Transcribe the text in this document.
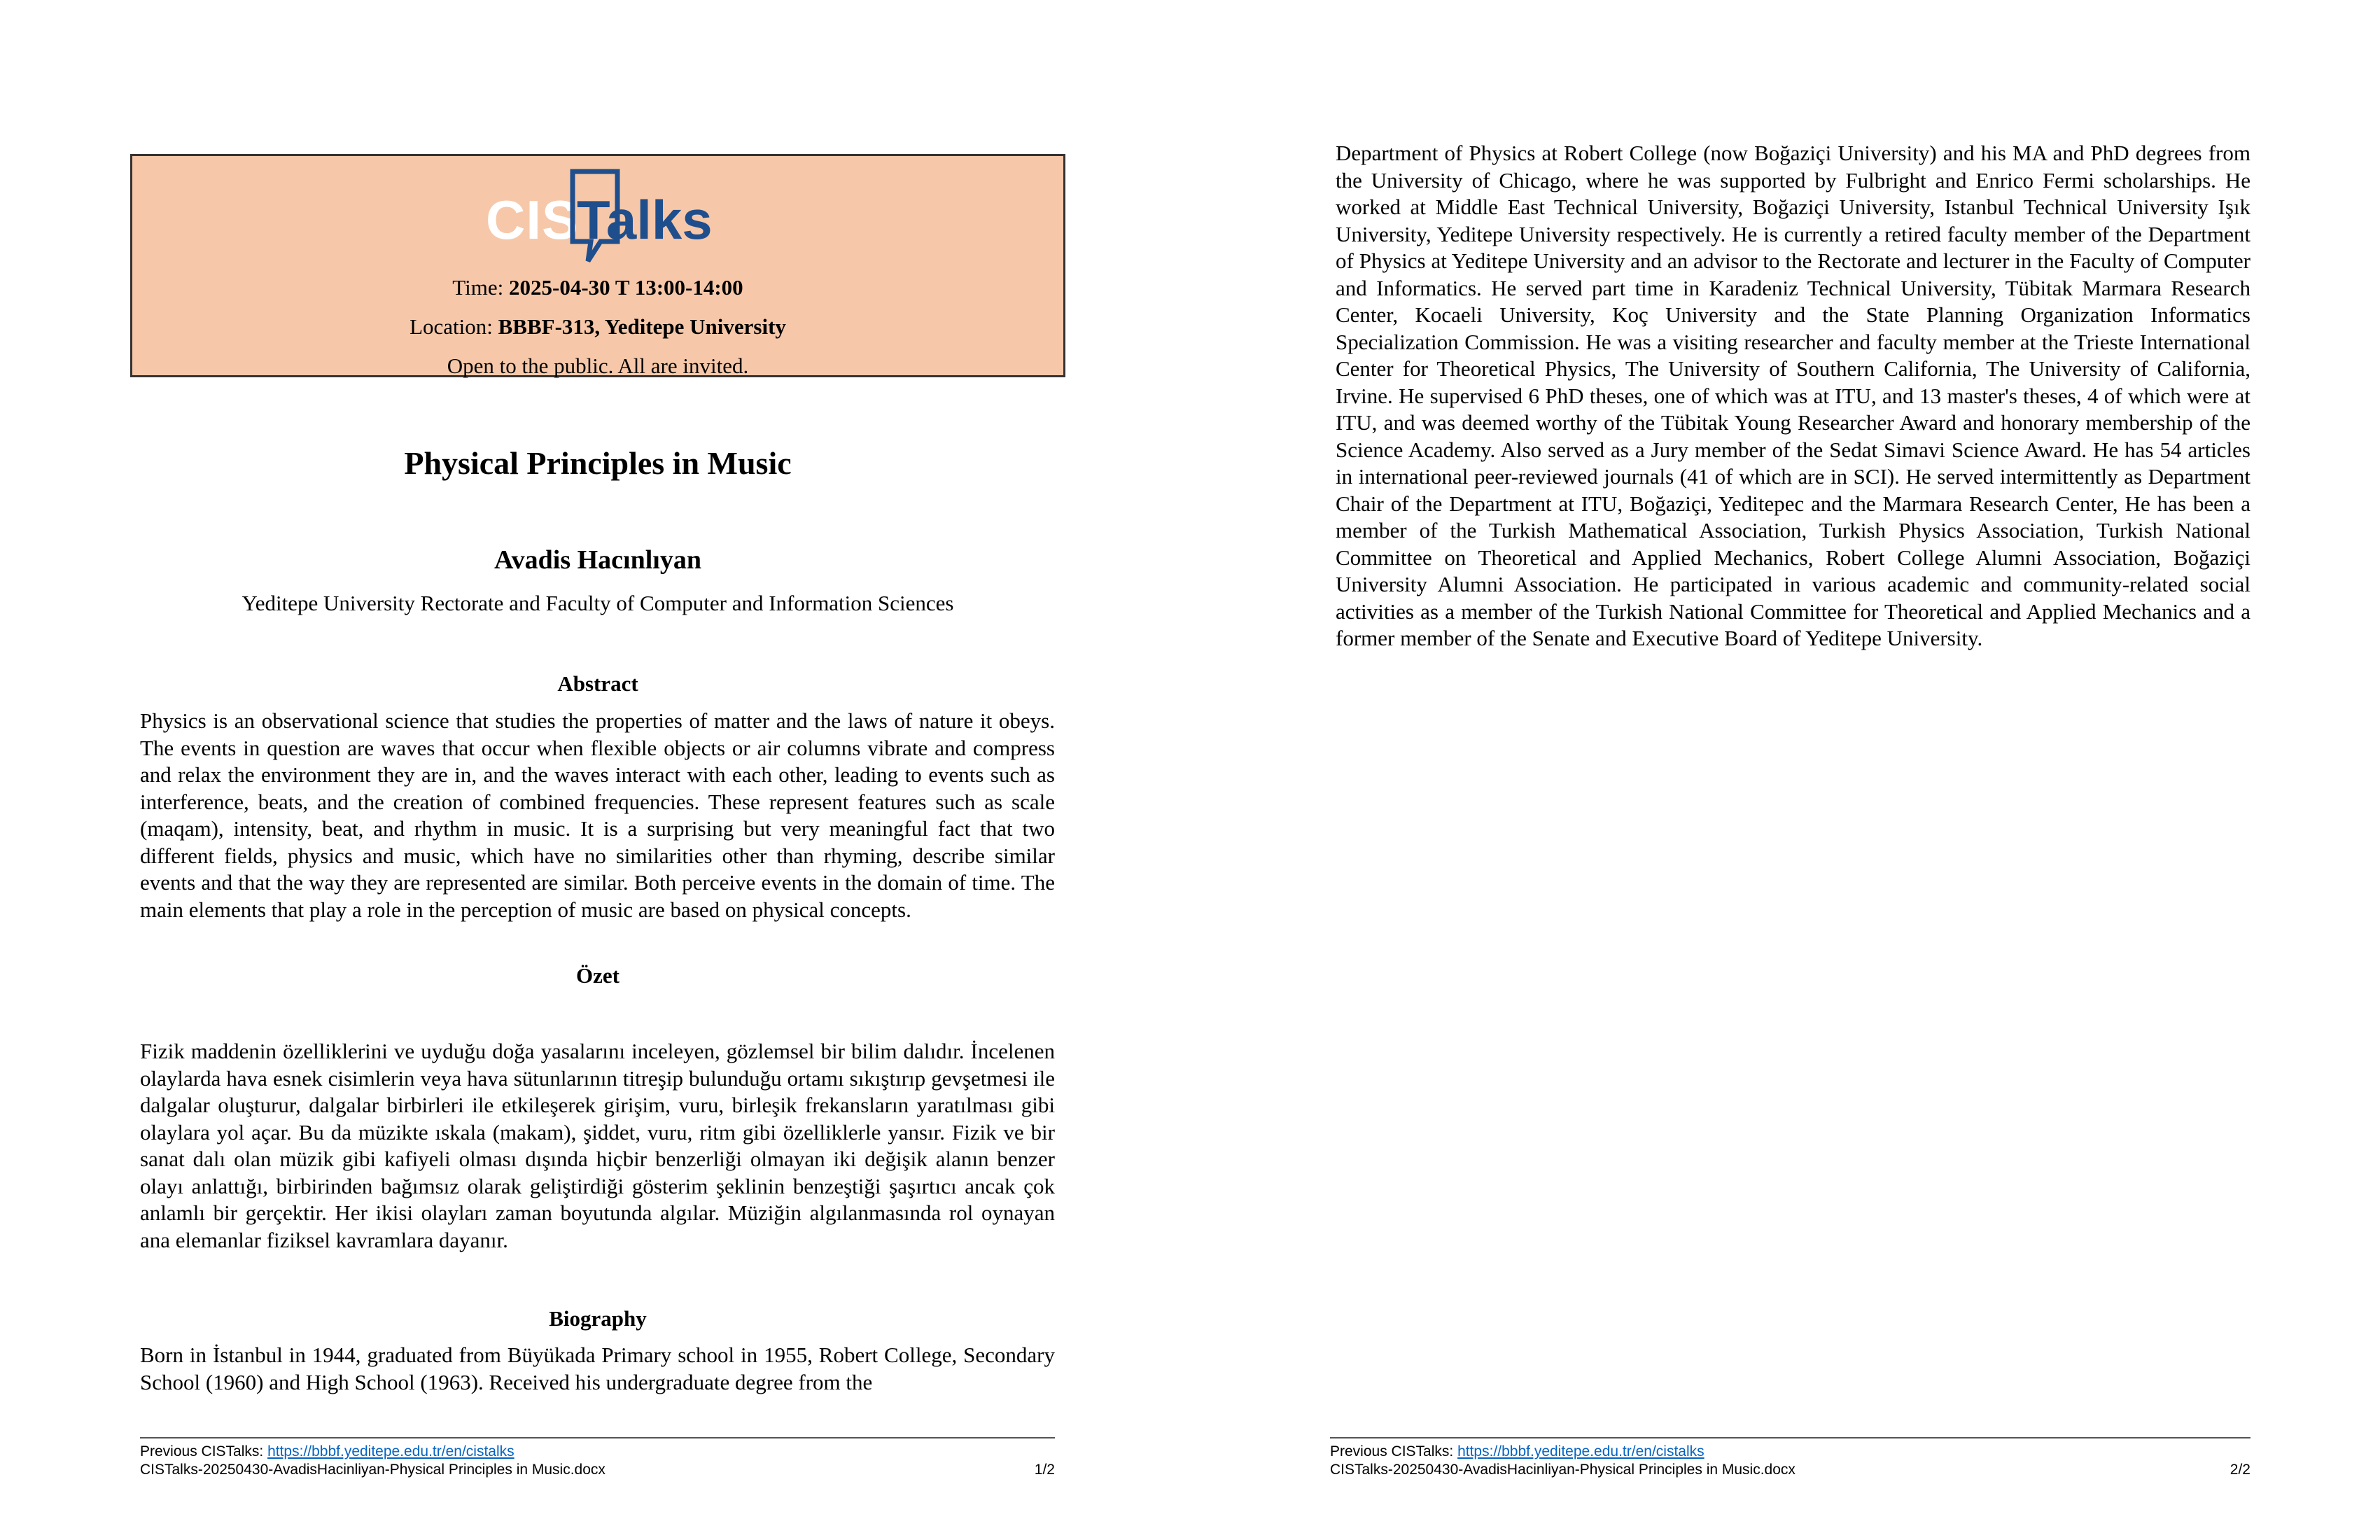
CIS
Talks
Time: 2025-04-30 T 13:00-14:00
Location: BBBF-313, Yeditepe University
Open to the public. All are invited.
Physical Principles in Music
Avadis Hacınlıyan
Yeditepe University Rectorate and Faculty of Computer and Information Sciences
Abstract

Physics is an observational science that studies the properties of matter and the laws of nature it obeys. The events in question are waves that occur when flexible objects or air columns vibrate and compress and relax the environment they are in, and the waves interact with each other, leading to events such as interference, beats, and the creation of combined frequencies. These represent features such as scale (maqam), intensity, beat, and rhythm in music. It is a surprising but very meaningful fact that two different fields, physics and music, which have no similarities other than rhyming, describe similar events and that the way they are represented are similar. Both perceive events in the domain of time. The main elements that play a role in the perception of music are based on physical concepts.

Özet

Fizik maddenin özelliklerini ve uyduğu doğa yasalarını inceleyen, gözlemsel bir bilim dalıdır. İncelenen olaylarda hava esnek cisimlerin veya hava sütunlarının titreşip bulunduğu ortamı sıkıştırıp gevşetmesi ile dalgalar oluşturur, dalgalar birbirleri ile etkileşerek girişim, vuru, birleşik frekansların yaratılması gibi olaylara yol açar. Bu da müzikte ıskala (makam), şiddet, vuru, ritm gibi özelliklerle yansır. Fizik ve bir sanat dalı olan müzik gibi kafiyeli olması dışında hiçbir benzerliği olmayan iki değişik alanın benzer olayı anlattığı, birbirinden bağımsız olarak geliştirdiği gösterim şeklinin benzeştiği şaşırtıcı ancak çok anlamlı bir gerçektir. Her ikisi olayları zaman boyutunda algılar. Müziğin algılanmasında rol oynayan ana elemanlar fiziksel kavramlara dayanır.

Biography

Born in İstanbul in 1944, graduated from Büyükada Primary school in 1955, Robert College, Secondary School (1960) and High School (1963). Received his undergraduate degree from the

Previous CISTalks: https://bbbf.yeditepe.edu.tr/en/cistalks
CISTalks-20250430-AvadisHacinliyan-Physical Principles in Music.docx	1/2

Department of Physics at Robert College (now Boğaziçi University) and his MA and PhD degrees from the University of Chicago, where he was supported by Fulbright and Enrico Fermi scholarships. He worked at Middle East Technical University, Boğaziçi University, Istanbul Technical University Işık University, Yeditepe University respectively. He is currently a retired faculty member of the Department of Physics at Yeditepe University and an advisor to the Rectorate and lecturer in the Faculty of Computer and Informatics. He served part time in Karadeniz Technical University, Tübitak Marmara Research Center, Kocaeli University, Koç University and the State Planning Organization Informatics Specialization Commission. He was a visiting researcher and faculty member at the Trieste International Center for Theoretical Physics, The University of Southern California, The University of California, Irvine. He supervised 6 PhD theses, one of which was at ITU, and 13 master's theses, 4 of which were at ITU, and was deemed worthy of the Tübitak Young Researcher Award and honorary membership of the Science Academy. Also served as a Jury member of the Sedat Simavi Science Award. He has 54 articles in international peer-reviewed journals (41 of which are in SCI). He served intermittently as Department Chair of the Department at ITU, Boğaziçi, Yeditepec and the Marmara Research Center, He has been a member of the Turkish Mathematical Association, Turkish Physics Association, Turkish National Committee on Theoretical and Applied Mechanics, Robert College Alumni Association, Boğaziçi University Alumni Association. He participated in various academic and community-related social activities as a member of the Turkish National Committee for Theoretical and Applied Mechanics and a former member of the Senate and Executive Board of Yeditepe University.

Previous CISTalks: https://bbbf.yeditepe.edu.tr/en/cistalks
CISTalks-20250430-AvadisHacinliyan-Physical Principles in Music.docx	2/2
